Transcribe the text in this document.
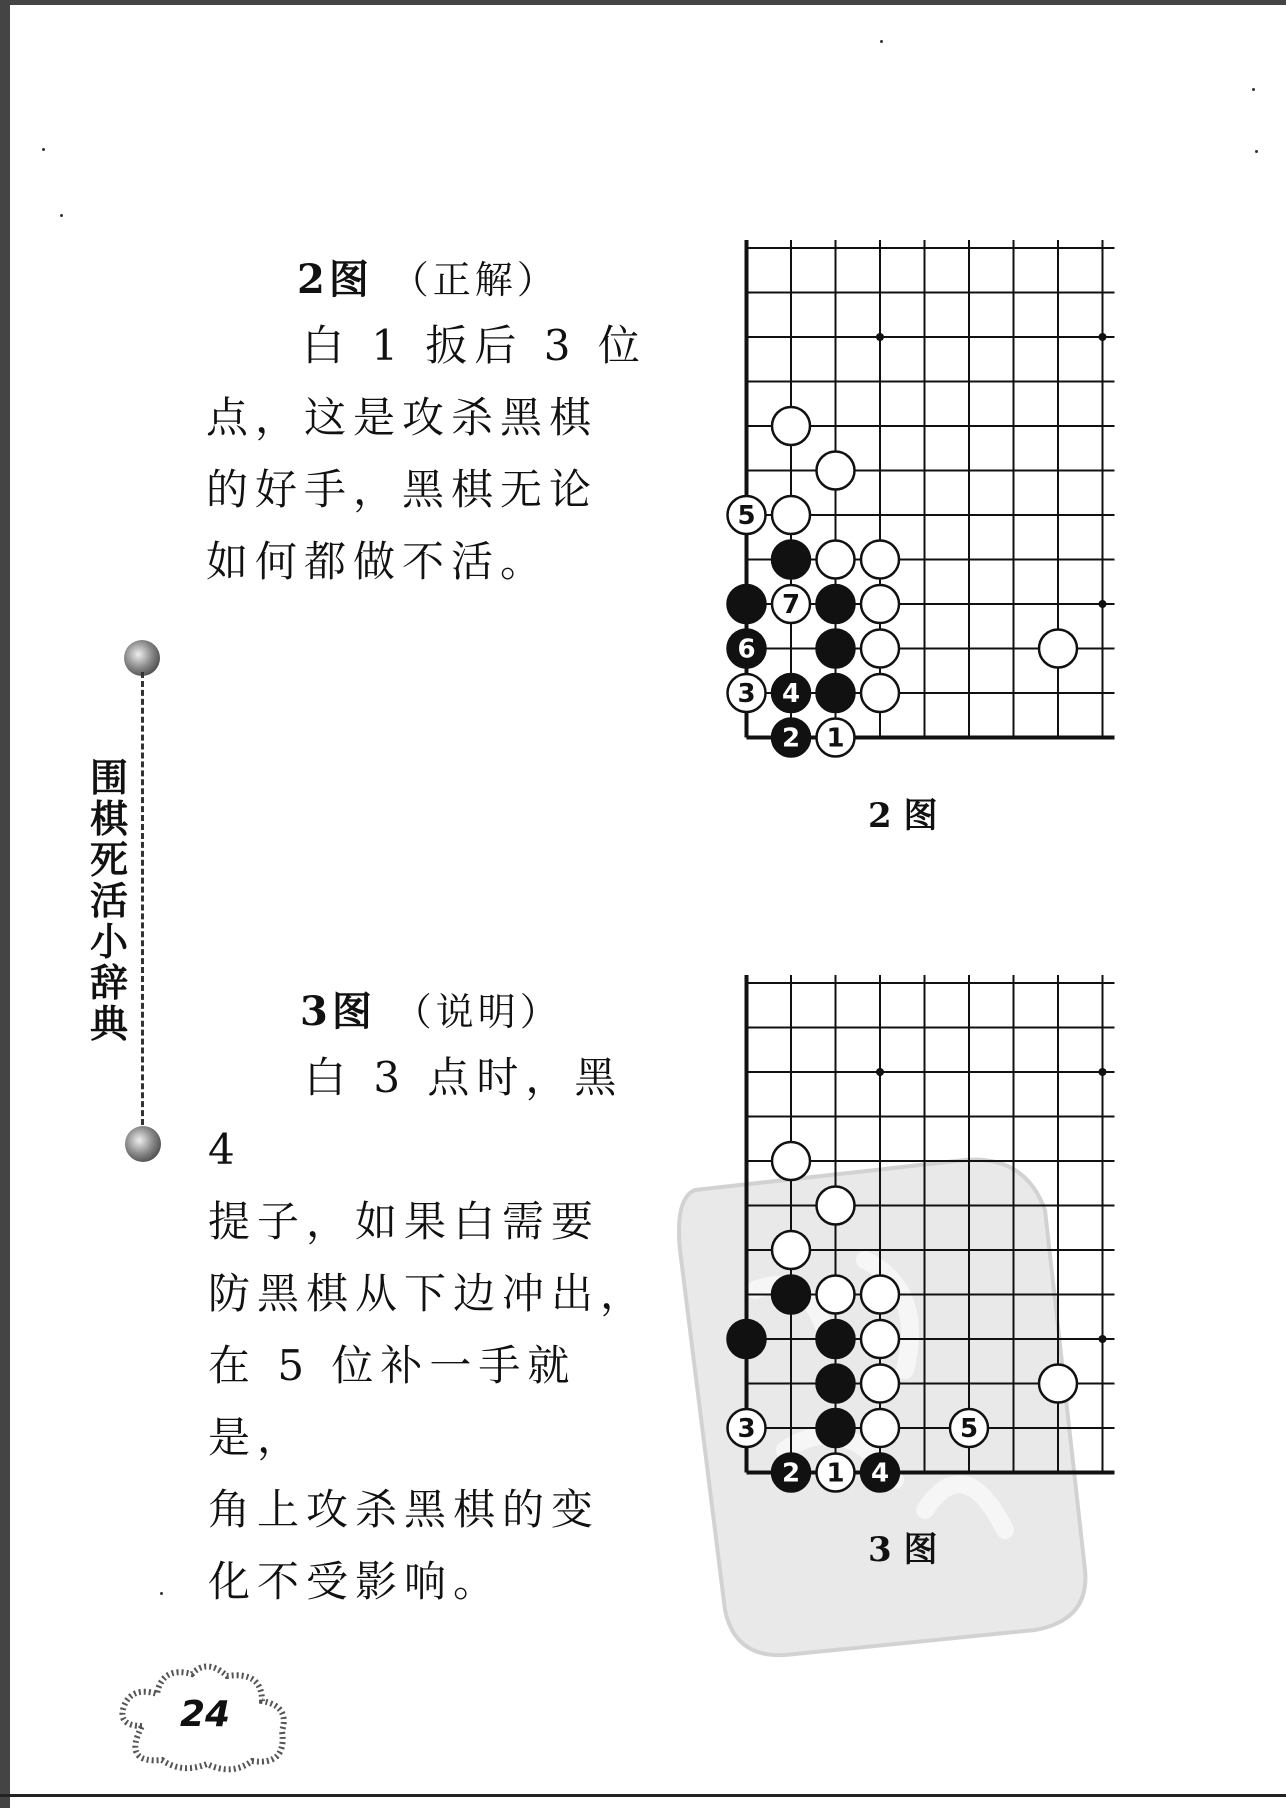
围
棋
死
活
小
辞
典
2图 （正解）

白 1 扳后 3 位

点，这是攻杀黑棋

的好手，黑棋无论

如何都做不活。

5
7
6
3 4
2 1
2 图
3图 （说明）

白 3 点时，黑 4

提子，如果白需要

防黑棋从下边冲出，

在 5 位补一手就是，

角上攻杀黑棋的变

化不受影响。

3	5
2 1 4
3 图
24
